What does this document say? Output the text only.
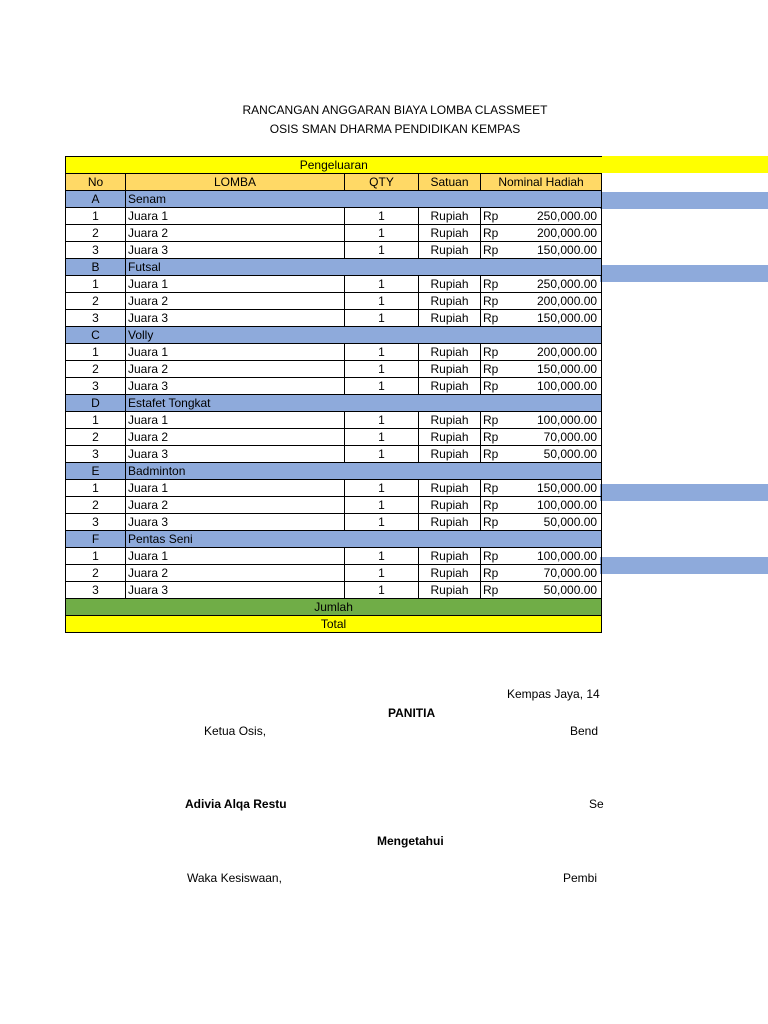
RANCANGAN ANGGARAN BIAYA LOMBA CLASSMEET
OSIS SMAN DHARMA PENDIDIKAN KEMPAS
Pengeluaran				
No	LOMBA	QTY	Satuan	Nominal Hadiah
A	Senam			
1	Juara 1	1	Rupiah	Rp 250,000.00

2	Juara 2	1	Rupiah	Rp 200,000.00

3	Juara 3	1	Rupiah	Rp 150,000.00

B	Futsal			
1	Juara 1	1	Rupiah	Rp 250,000.00

2	Juara 2	1	Rupiah	Rp 200,000.00

3	Juara 3	1	Rupiah	Rp 150,000.00

C	Volly			
1	Juara 1	1	Rupiah	Rp 200,000.00

2	Juara 2	1	Rupiah	Rp 150,000.00

3	Juara 3	1	Rupiah	Rp 100,000.00

D	Estafet Tongkat			
1	Juara 1	1	Rupiah	Rp 100,000.00

2	Juara 2	1	Rupiah	Rp 70,000.00

3	Juara 3	1	Rupiah	Rp 50,000.00

E	Badminton			
1	Juara 1	1	Rupiah	Rp 150,000.00

2	Juara 2	1	Rupiah	Rp 100,000.00

3	Juara 3	1	Rupiah	Rp 50,000.00

F	Pentas Seni			
1	Juara 1	1	Rupiah	Rp 100,000.00

2	Juara 2	1	Rupiah	Rp 70,000.00

3	Juara 3	1	Rupiah	Rp 50,000.00

Jumlah				
Total				
Kempas Jaya, 14
PANITIA
Ketua Osis,	Bend
Adivia Alqa Restu	Se
Mengetahui
Waka Kesiswaan,	Pembi
